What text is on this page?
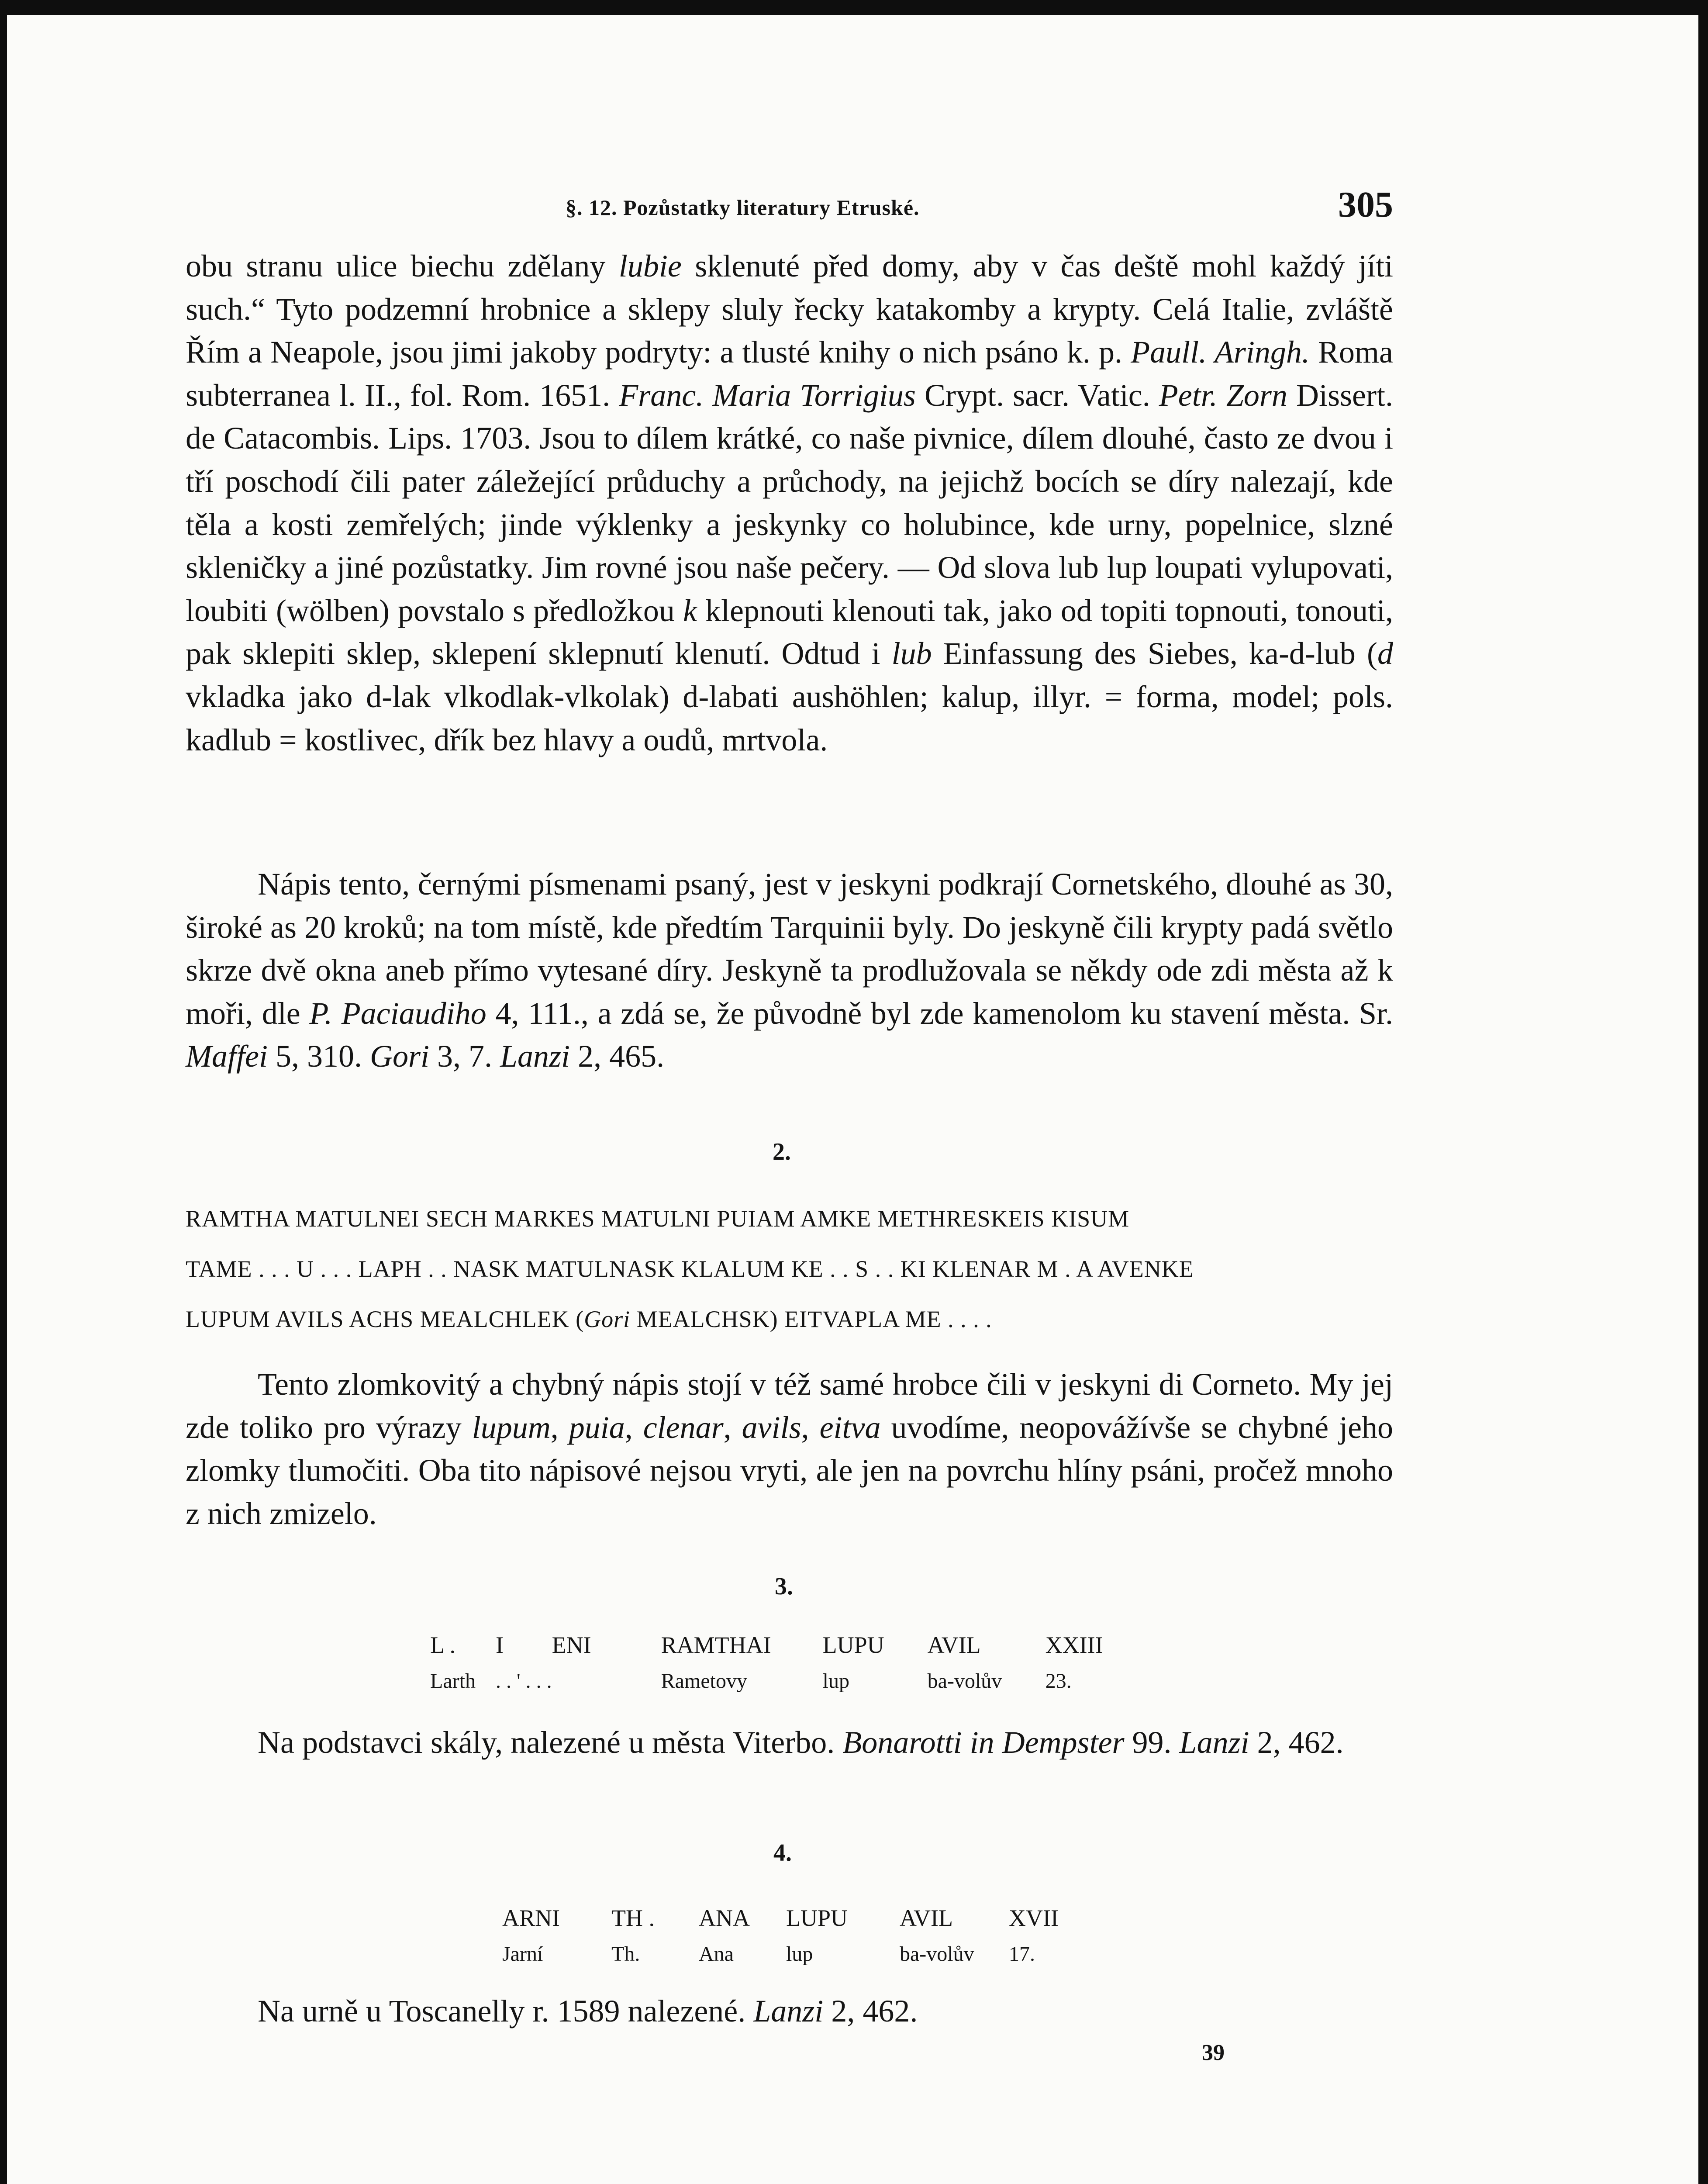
§. 12. Pozůstatky literatury Etruské.	305

obu stranu ulice biechu zdělany lubie sklenuté před domy, aby v čas deště mohl každý jíti such.“ Tyto podzemní hrobnice a sklepy sluly řecky katakomby a krypty. Celá Italie, zvláště Řím a Neapole, jsou jimi jakoby podryty: a tlusté knihy o nich psáno k. p. Paull. Aringh. Roma subterranea l. II., fol. Rom. 1651. Franc. Maria Torrigius Crypt. sacr. Vatic. Petr. Zorn Dissert. de Catacombis. Lips. 1703. Jsou to dílem krátké, co naše pivnice, dílem dlouhé, často ze dvou i tří poschodí čili pater záležející průduchy a průchody, na jejichž bocích se díry nalezají, kde těla a kosti zemřelých; jinde výklenky a jeskynky co holubince, kde urny, popelnice, slzné skleničky a jiné pozůstatky. Jim rovné jsou naše pečery. — Od slova lub lup loupati vylupovati, loubiti (wölben) povstalo s předložkou k klepnouti klenouti tak, jako od topiti topnouti, tonouti, pak sklepiti sklep, sklepení sklepnutí klenutí. Odtud i lub Einfassung des Siebes, ka-d-lub (d vkladka jako d-lak vlkodlak-vlkolak) d-labati aushöhlen; kalup, illyr. = forma, model; pols. kadlub = kostlivec, dřík bez hlavy a oudů, mrtvola.

Nápis tento, černými písmenami psaný, jest v jeskyni podkrají Cornetského, dlouhé as 30, široké as 20 kroků; na tom místě, kde předtím Tarquinii byly. Do jeskyně čili krypty padá světlo skrze dvě okna aneb přímo vytesané díry. Jeskyně ta prodlužovala se někdy ode zdi města až k moři, dle P. Paciaudiho 4, 111., a zdá se, že původně byl zde kamenolom ku stavení města. Sr. Maffei 5, 310. Gori 3, 7. Lanzi 2, 465.

2.
RAMTHA MATULNEI SECH MARKES MATULNI PUIAM AMKE METHRESKEIS KISUM
TAME . . . U . . . LAPH . . NASK MATULNASK KLALUM KE . . S . . KI KLENAR M . A AVENKE
LUPUM AVILS ACHS MEALCHLEK (Gori MEALCHSK) EITVAPLA ME . . . .

Tento zlomkovitý a chybný nápis stojí v též samé hrobce čili v jeskyni di Corneto. My jej zde toliko pro výrazy lupum, puia, clenar, avils, eitva uvodíme, neopovážívše se chybné jeho zlomky tlumočiti. Oba tito nápisové nejsou vryti, ale jen na povrchu hlíny psáni, pročež mnoho z nich zmizelo.

3.
L .	I	ENI	RAMTHAI	LUPU	AVIL	XXIII
Larth	. . ' . . .		Rametovy	lup	ba-volův	23.

Na podstavci skály, nalezené u města Viterbo. Bonarotti in Dempster 99. Lanzi 2, 462.

4.
ARNI	TH .	ANA	LUPU	AVIL	XVII
Jarní	Th.	Ana	lup	ba-volův	17.

Na urně u Toscanelly r. 1589 nalezené. Lanzi 2, 462.

39
